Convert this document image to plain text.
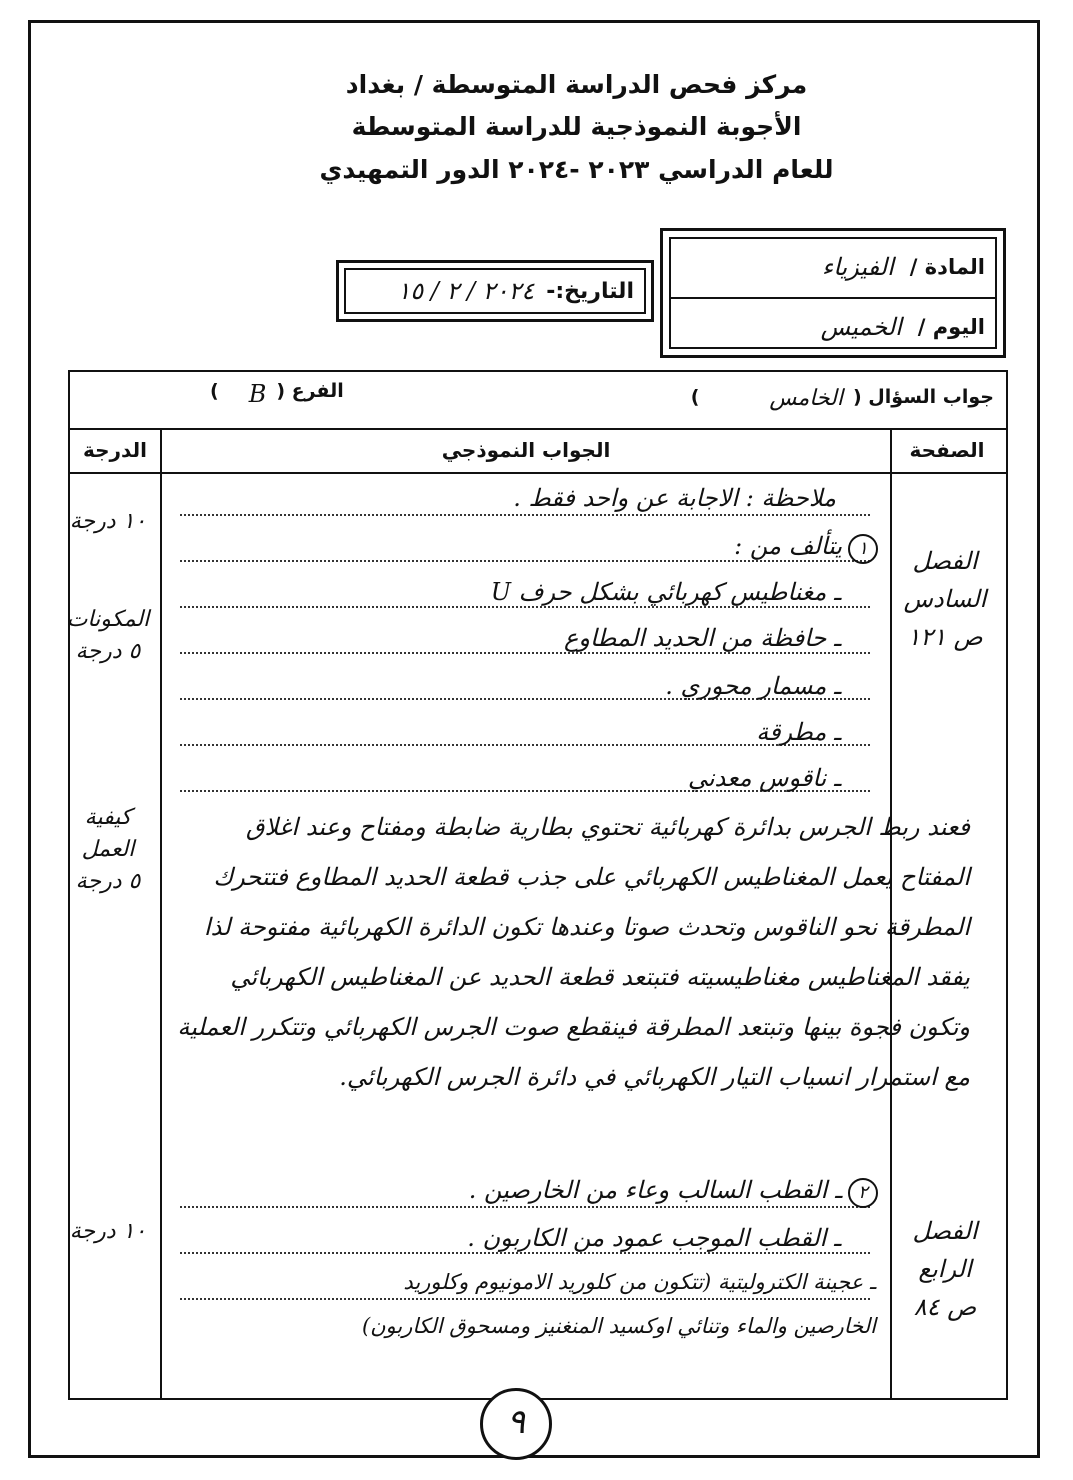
مركز فحص الدراسة المتوسطة / بغداد
الأجوبة النموذجية للدراسة المتوسطة
للعام الدراسي ٢٠٢٣ -٢٠٢٤ الدور التمهيدي
المادة /
الفيزياء
اليوم /
الخميس
التاريخ:-
٢٠٢٤ / ٢ / ١٥
جواب السؤال (
الخامس
)
الفرع (
B
)
الصفحة
الجواب النموذجي
الدرجة
ملاحظة : الاجابة عن واحد فقط .
١يتألف من :
ـ مغناطيس كهربائي بشكل حرف U
ـ حافظة من الحديد المطاوع
ـ مسمار محوري .
ـ مطرقة
ـ ناقوس معدني
فعند ربط الجرس بدائرة كهربائية تحتوي بطارية ضابطة ومفتاح وعند اغلاق المفتاح يعمل المغناطيس الكهربائي على جذب قطعة الحديد المطاوع فتتحرك المطرقة نحو الناقوس وتحدث صوتا وعندها تكون الدائرة الكهربائية مفتوحة لذا يفقد المغناطيس مغناطيسيته فتبتعد قطعة الحديد عن المغناطيس الكهربائي وتكون فجوة بينها وتبتعد المطرقة فينقطع صوت الجرس الكهربائي وتتكرر العملية مع استمرار انسياب التيار الكهربائي في دائرة الجرس الكهربائي.
٢ـ القطب السالب وعاء من الخارصين .
ـ القطب الموجب عمود من الكاربون .
ـ عجينة الكتروليتية (تتكون من كلوريد الامونيوم وكلوريد
الخارصين والماء وتنائي اوكسيد المنغنيز ومسحوق الكاربون)
الفصل
السادس
ص ١٢١
الفصل
الرابع
ص ٨٤
١٠ درجة
المكونات
٥ درجة
كيفية
العمل
٥ درجة
١٠ درجة
٩
